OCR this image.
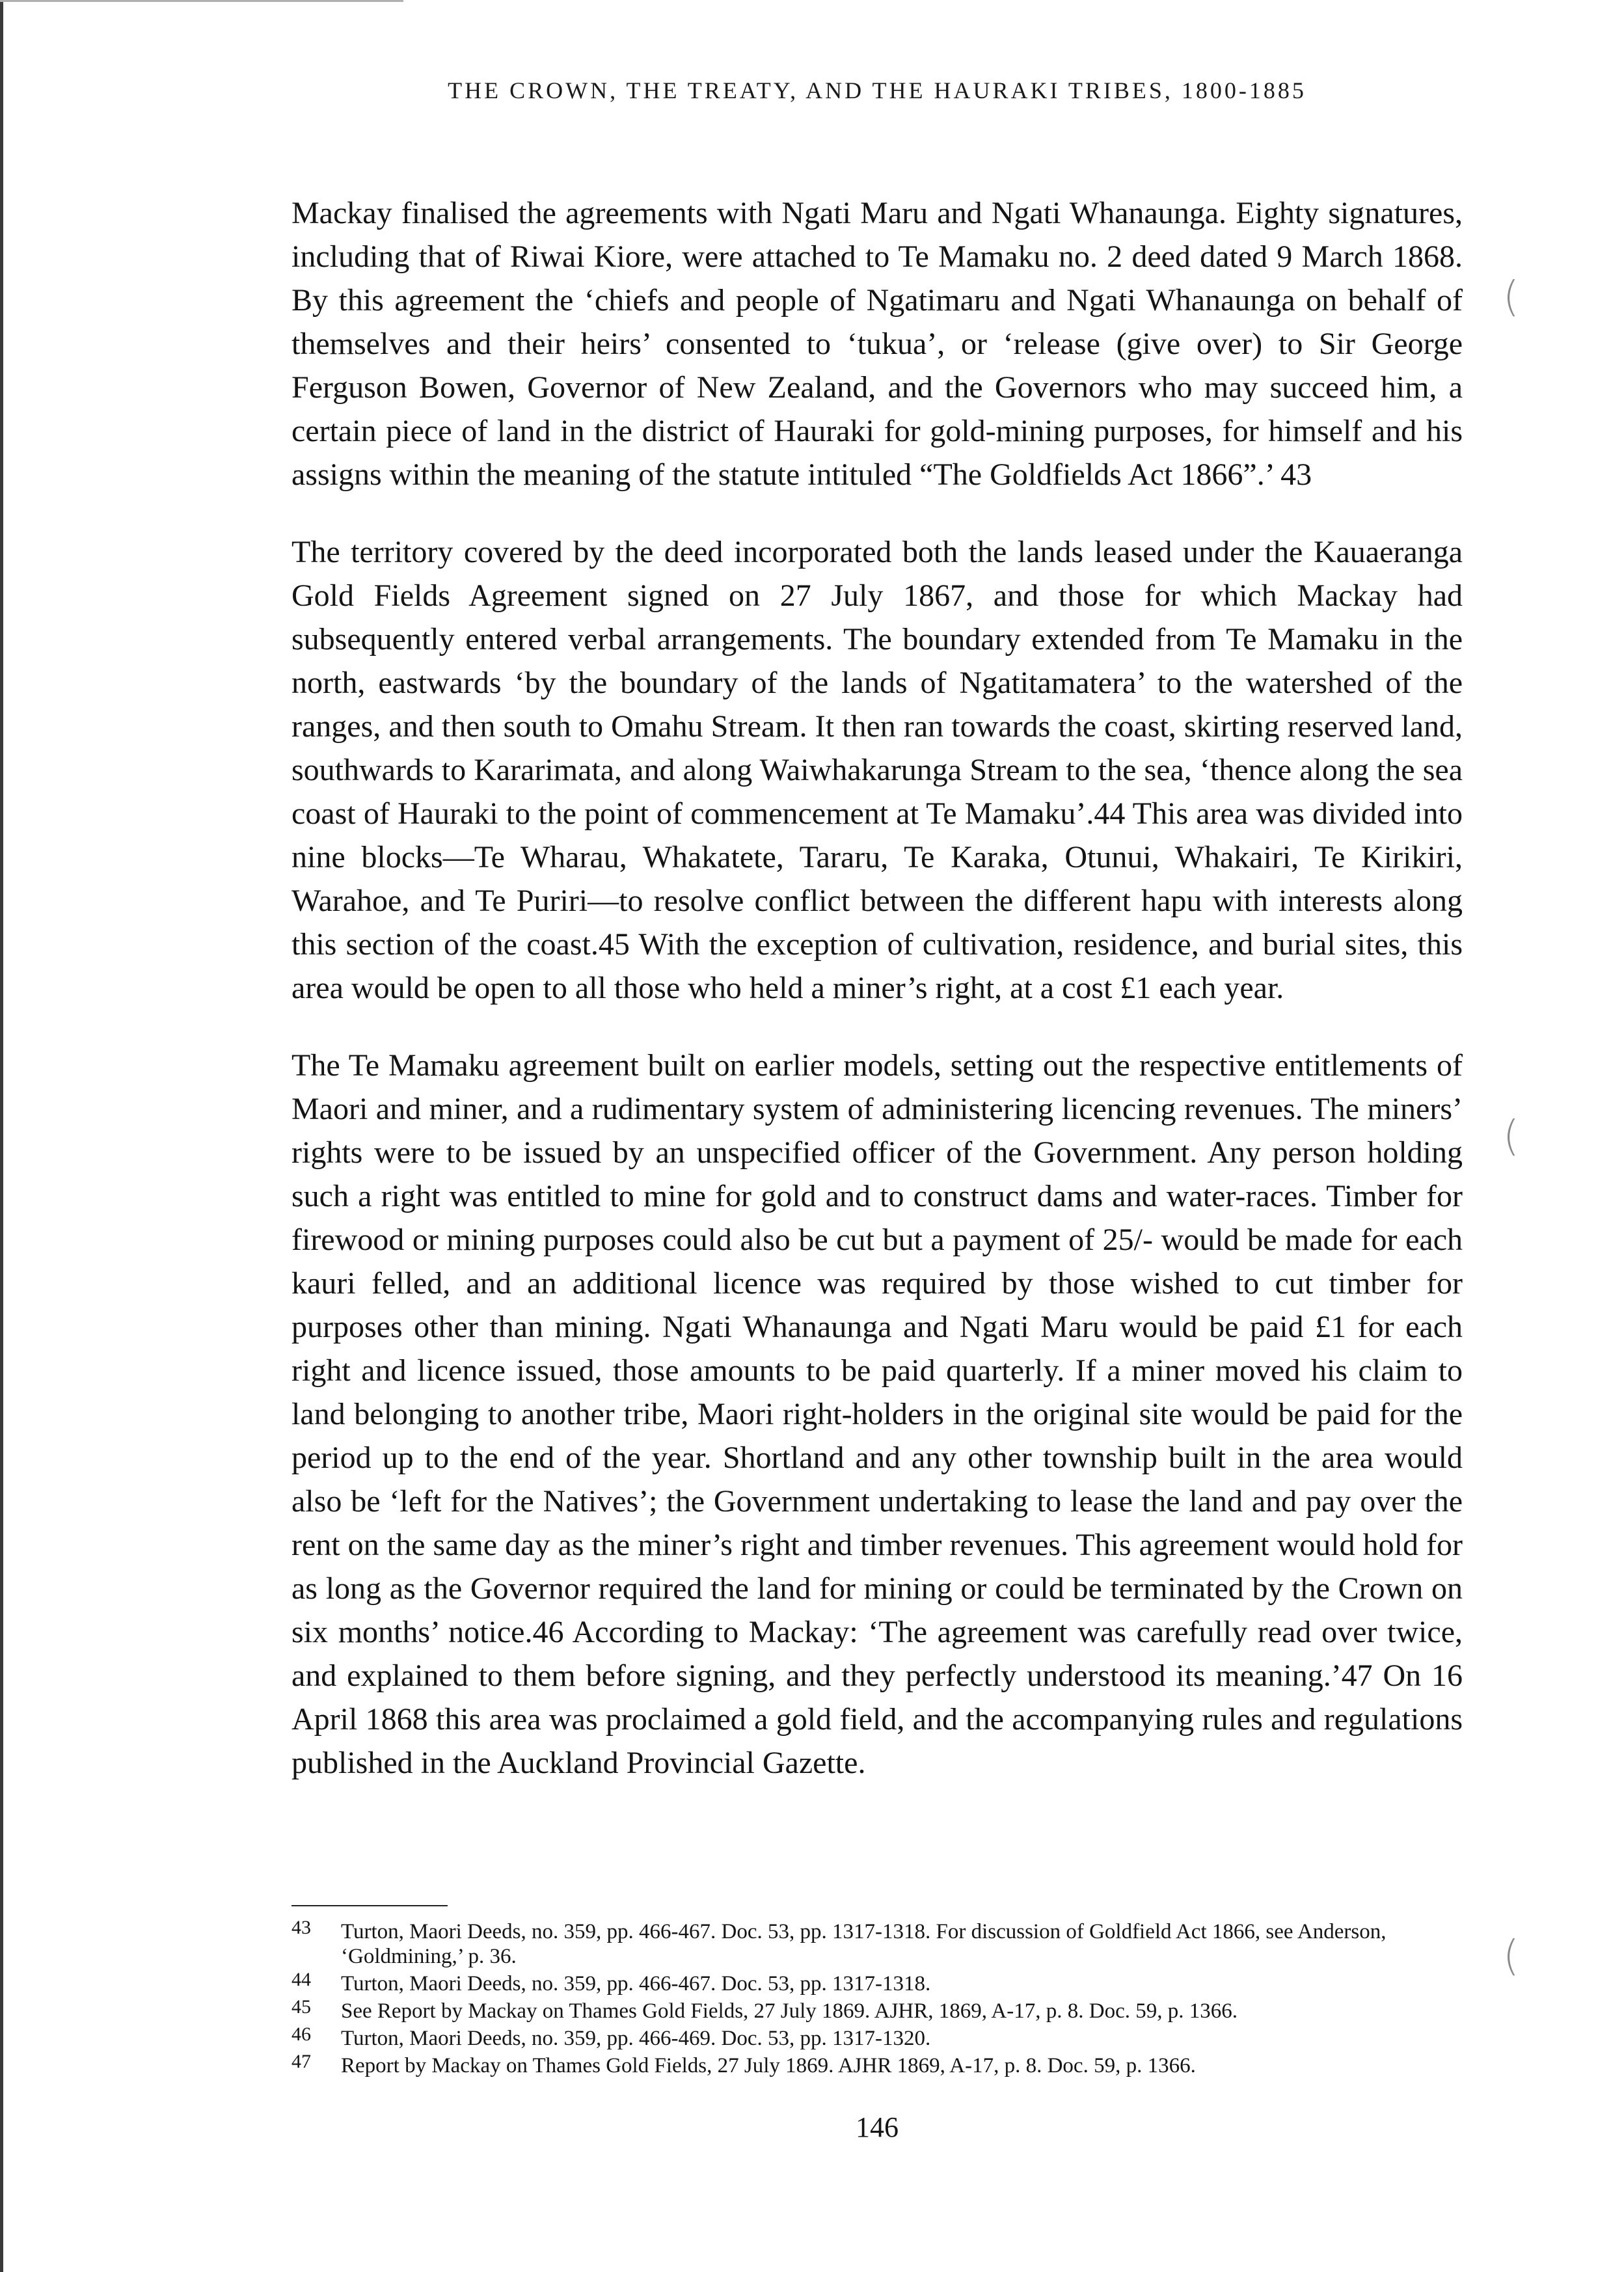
THE CROWN, THE TREATY, AND THE HAURAKI TRIBES, 1800-1885

Mackay finalised the agreements with Ngati Maru and Ngati Whanaunga. Eighty signatures, including that of Riwai Kiore, were attached to Te Mamaku no. 2 deed dated 9 March 1868. By this agreement the ‘chiefs and people of Ngatimaru and Ngati Whanaunga on behalf of themselves and their heirs’ consented to ‘tukua’, or ‘release (give over) to Sir George Ferguson Bowen, Governor of New Zealand, and the Governors who may succeed him, a certain piece of land in the district of Hauraki for gold-mining purposes, for himself and his assigns within the meaning of the statute intituled “The Goldfields Act 1866”.’ 43

The territory covered by the deed incorporated both the lands leased under the Kauaeranga Gold Fields Agreement signed on 27 July 1867, and those for which Mackay had subsequently entered verbal arrangements. The boundary extended from Te Mamaku in the north, eastwards ‘by the boundary of the lands of Ngatitamatera’ to the watershed of the ranges, and then south to Omahu Stream. It then ran towards the coast, skirting reserved land, southwards to Kararimata, and along Waiwhakarunga Stream to the sea, ‘thence along the sea coast of Hauraki to the point of commencement at Te Mamaku’.44 This area was divided into nine blocks—Te Wharau, Whakatete, Tararu, Te Karaka, Otunui, Whakairi, Te Kirikiri, Warahoe, and Te Puriri—to resolve conflict between the different hapu with interests along this section of the coast.45 With the exception of cultivation, residence, and burial sites, this area would be open to all those who held a miner’s right, at a cost £1 each year.

The Te Mamaku agreement built on earlier models, setting out the respective entitlements of Maori and miner, and a rudimentary system of administering licencing revenues. The miners’ rights were to be issued by an unspecified officer of the Government. Any person holding such a right was entitled to mine for gold and to construct dams and water-races. Timber for firewood or mining purposes could also be cut but a payment of 25/- would be made for each kauri felled, and an additional licence was required by those wished to cut timber for purposes other than mining. Ngati Whanaunga and Ngati Maru would be paid £1 for each right and licence issued, those amounts to be paid quarterly. If a miner moved his claim to land belonging to another tribe, Maori right-holders in the original site would be paid for the period up to the end of the year. Shortland and any other township built in the area would also be ‘left for the Natives’; the Government undertaking to lease the land and pay over the rent on the same day as the miner’s right and timber revenues. This agreement would hold for as long as the Governor required the land for mining or could be terminated by the Crown on six months’ notice.46 According to Mackay: ‘The agreement was carefully read over twice, and explained to them before signing, and they perfectly understood its meaning.’47 On 16 April 1868 this area was proclaimed a gold field, and the accompanying rules and regulations published in the Auckland Provincial Gazette.

(
(
(
43	Turton, Maori Deeds, no. 359, pp. 466-467. Doc. 53, pp. 1317-1318. For discussion of Goldfield Act 1866, see Anderson, ‘Goldmining,’ p. 36.
44	Turton, Maori Deeds, no. 359, pp. 466-467. Doc. 53, pp. 1317-1318.
45	See Report by Mackay on Thames Gold Fields, 27 July 1869. AJHR, 1869, A-17, p. 8. Doc. 59, p. 1366.
46	Turton, Maori Deeds, no. 359, pp. 466-469. Doc. 53, pp. 1317-1320.
47	Report by Mackay on Thames Gold Fields, 27 July 1869. AJHR 1869, A-17, p. 8. Doc. 59, p. 1366.
146
